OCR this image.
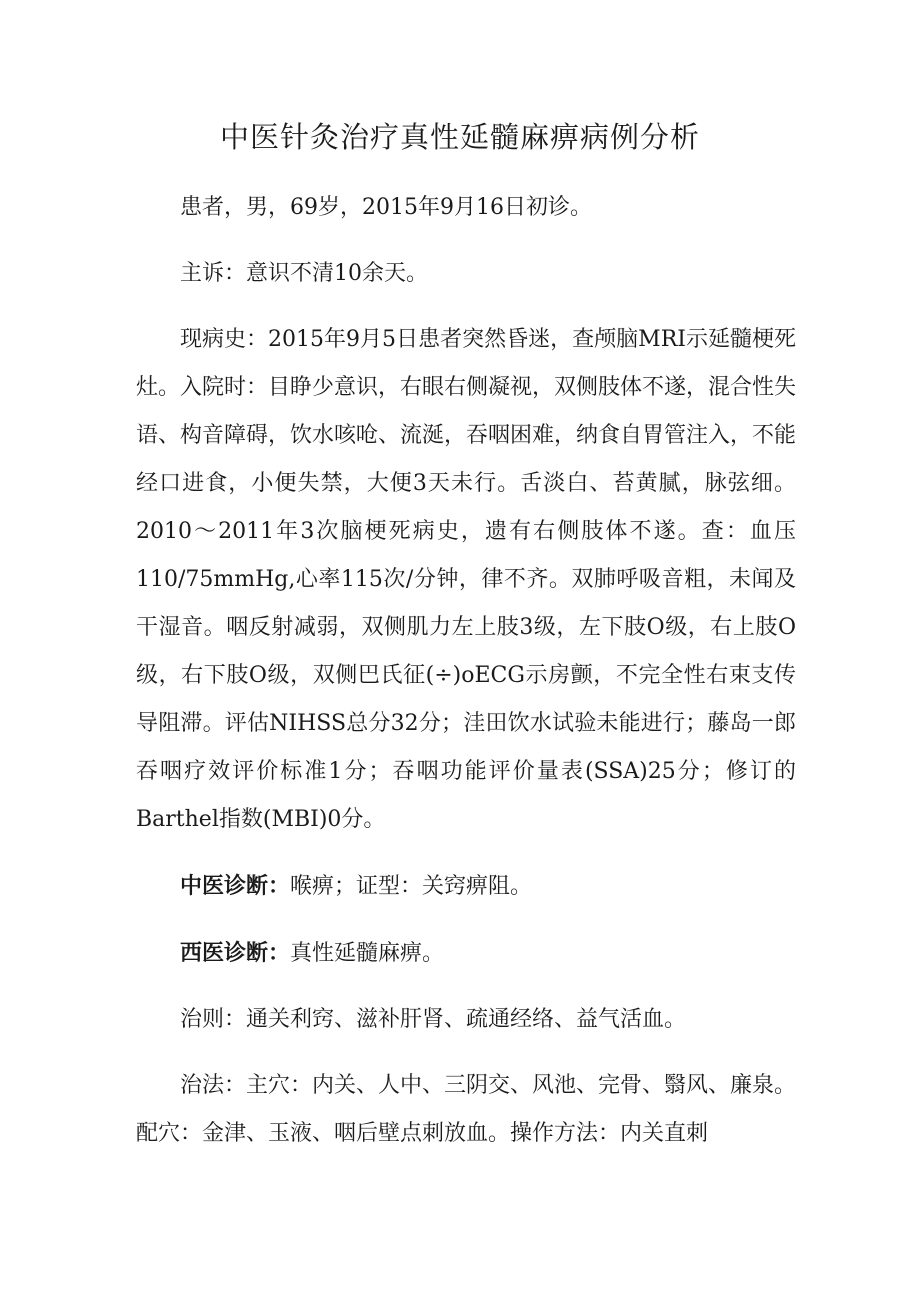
中医针灸治疗真性延髓麻痹病例分析

患者，男，69岁，2015年9月16日初诊。

主诉：意识不清10余天。

现病史：2015年9月5日患者突然昏迷，查颅脑MRI示延髓梗死灶。入院时：目睁少意识，右眼右侧凝视，双侧肢体不遂，混合性失语、构音障碍，饮水咳呛、流涎，吞咽困难，纳食自胃管注入，不能经口进食，小便失禁，大便3天未行。舌淡白、苔黄腻，脉弦细。2010～2011年3次脑梗死病史，遗有右侧肢体不遂。查：血压110/75mmHg,心率115次/分钟，律不齐。双肺呼吸音粗，未闻及干湿音。咽反射减弱，双侧肌力左上肢3级，左下肢O级，右上肢O级，右下肢O级，双侧巴氏征(÷)oECG示房颤，不完全性右束支传导阻滞。评估NIHSS总分32分；洼田饮水试验未能进行；藤岛一郎吞咽疗效评价标准1分；吞咽功能评价量表(SSA)25分；修订的Barthel指数(MBI)0分。

中医诊断：喉痹；证型：关窍痹阻。

西医诊断：真性延髓麻痹。

治则：通关利窍、滋补肝肾、疏通经络、益气活血。

治法：主穴：内关、人中、三阴交、风池、完骨、翳风、廉泉。配穴：金津、玉液、咽后壁点刺放血。操作方法：内关直刺
